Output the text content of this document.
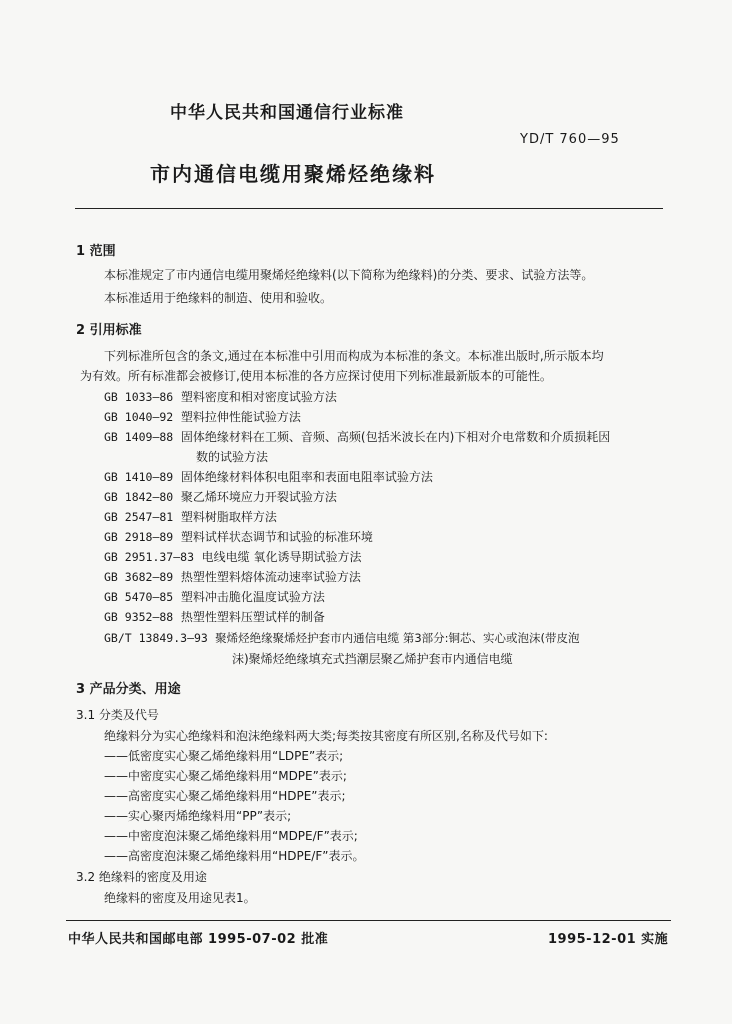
中华人民共和国通信行业标准
YD/T 760—95
市内通信电缆用聚烯烃绝缘料
1 范围
本标准规定了市内通信电缆用聚烯烃绝缘料(以下简称为绝缘料)的分类、要求、试验方法等。
本标准适用于绝缘料的制造、使用和验收。
2 引用标准
下列标准所包含的条文,通过在本标准中引用而构成为本标准的条文。本标准出版时,所示版本均
为有效。所有标准都会被修订,使用本标准的各方应探讨使用下列标准最新版本的可能性。
GB 1033—86 塑料密度和相对密度试验方法
GB 1040—92 塑料拉伸性能试验方法
GB 1409—88 固体绝缘材料在工频、音频、高频(包括米波长在内)下相对介电常数和介质损耗因
数的试验方法
GB 1410—89 固体绝缘材料体积电阻率和表面电阻率试验方法
GB 1842—80 聚乙烯环境应力开裂试验方法
GB 2547—81 塑料树脂取样方法
GB 2918—89 塑料试样状态调节和试验的标准环境
GB 2951.37—83 电线电缆 氧化诱导期试验方法
GB 3682—89 热塑性塑料熔体流动速率试验方法
GB 5470—85 塑料冲击脆化温度试验方法
GB 9352—88 热塑性塑料压塑试样的制备
GB/T 13849.3—93 聚烯烃绝缘聚烯烃护套市内通信电缆 第3部分:铜芯、实心或泡沫(带皮泡
沫)聚烯烃绝缘填充式挡潮层聚乙烯护套市内通信电缆
3 产品分类、用途
3.1 分类及代号
绝缘料分为实心绝缘料和泡沫绝缘料两大类;每类按其密度有所区别,名称及代号如下:
——低密度实心聚乙烯绝缘料用“LDPE”表示;
——中密度实心聚乙烯绝缘料用“MDPE”表示;
——高密度实心聚乙烯绝缘料用“HDPE”表示;
——实心聚丙烯绝缘料用“PP”表示;
——中密度泡沫聚乙烯绝缘料用“MDPE/F”表示;
——高密度泡沫聚乙烯绝缘料用“HDPE/F”表示。
3.2 绝缘料的密度及用途
绝缘料的密度及用途见表1。
中华人民共和国邮电部 1995-07-02 批准	1995-12-01 实施
